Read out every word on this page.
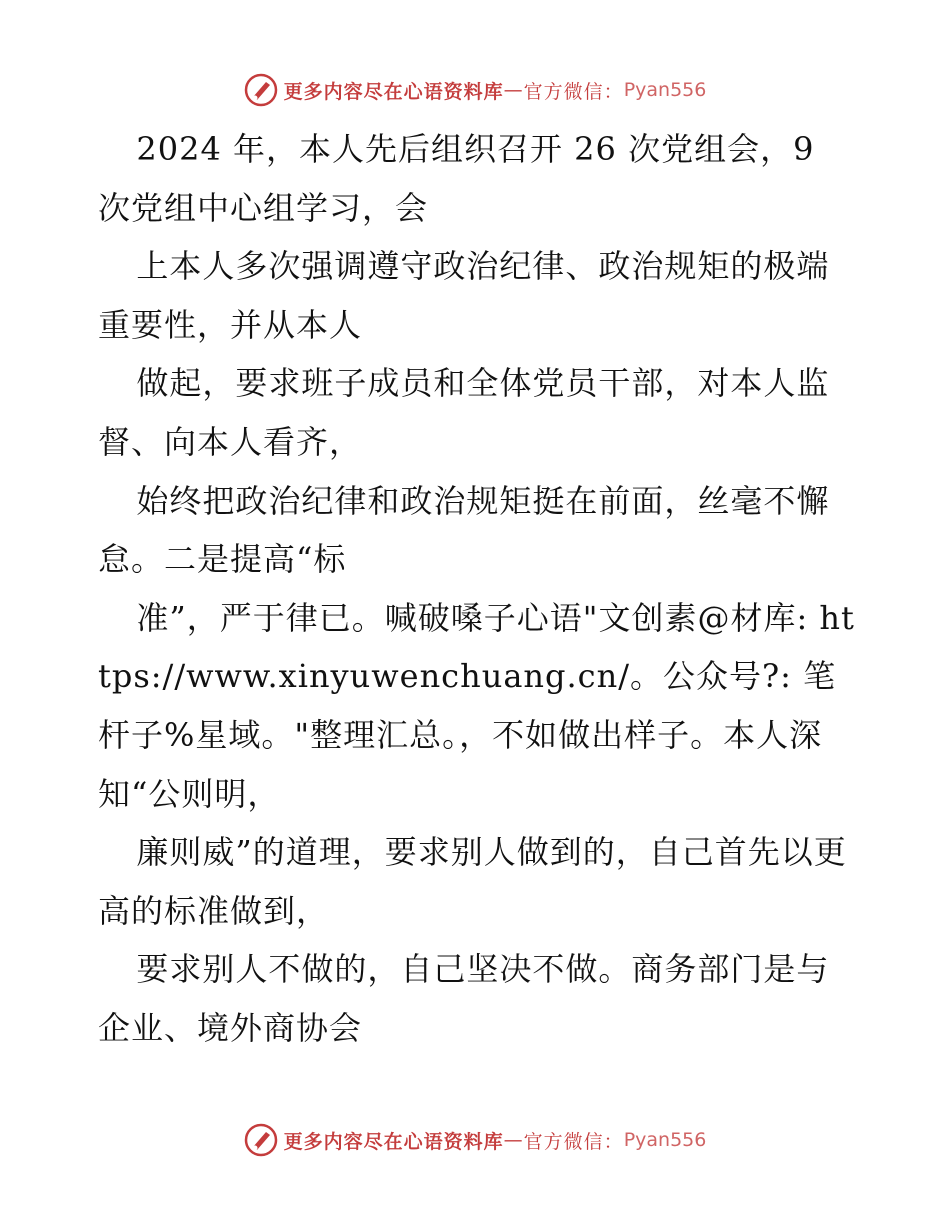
更多内容尽在心语资料库 — 官方微信： Pyan556

2024 年，本人先后组织召开 26 次党组会，9 次党组中心组学习，会

上本人多次强调遵守政治纪律、政治规矩的极端重要性，并从本人

做起，要求班子成员和全体党员干部，对本人监督、向本人看齐，

始终把政治纪律和政治规矩挺在前面，丝毫不懈怠。二是提高“标

准”，严于律已。喊破嗓子心语"文创素@材库: https://www.xinyuwenchuang.cn/。公众号?: 笔杆子%星域。"整理汇总。，不如做出样子。本人深知“公则明，

廉则威”的道理，要求别人做到的，自己首先以更高的标准做到，

要求别人不做的，自己坚决不做。商务部门是与企业、境外商协会

更多内容尽在心语资料库 — 官方微信： Pyan556
